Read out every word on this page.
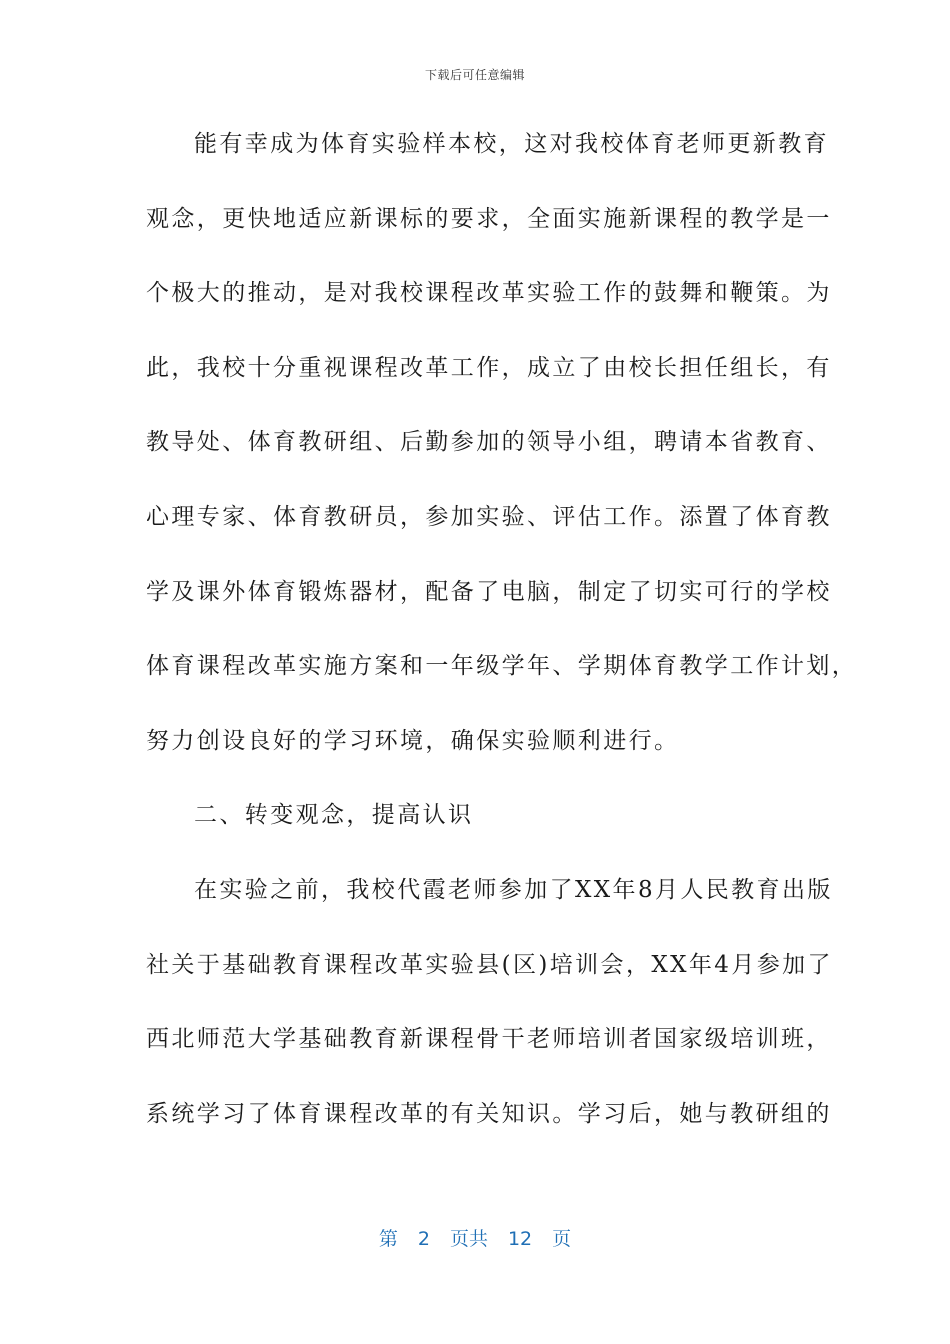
下载后可任意编辑
能有幸成为体育实验样本校，这对我校体育老师更新教育
观念，更快地适应新课标的要求，全面实施新课程的教学是一
个极大的推动，是对我校课程改革实验工作的鼓舞和鞭策。为
此，我校十分重视课程改革工作，成立了由校长担任组长，有
教导处、体育教研组、后勤参加的领导小组，聘请本省教育、
心理专家、体育教研员，参加实验、评估工作。添置了体育教
学及课外体育锻炼器材，配备了电脑，制定了切实可行的学校
体育课程改革实施方案和一年级学年、学期体育教学工作计划，
努力创设良好的学习环境，确保实验顺利进行。
二、转变观念，提高认识
在实验之前，我校代霞老师参加了XX年8月人民教育出版
社关于基础教育课程改革实验县(区)培训会，XX年4月参加了
西北师范大学基础教育新课程骨干老师培训者国家级培训班，
系统学习了体育课程改革的有关知识。学习后，她与教研组的
第 2 页共 12 页
